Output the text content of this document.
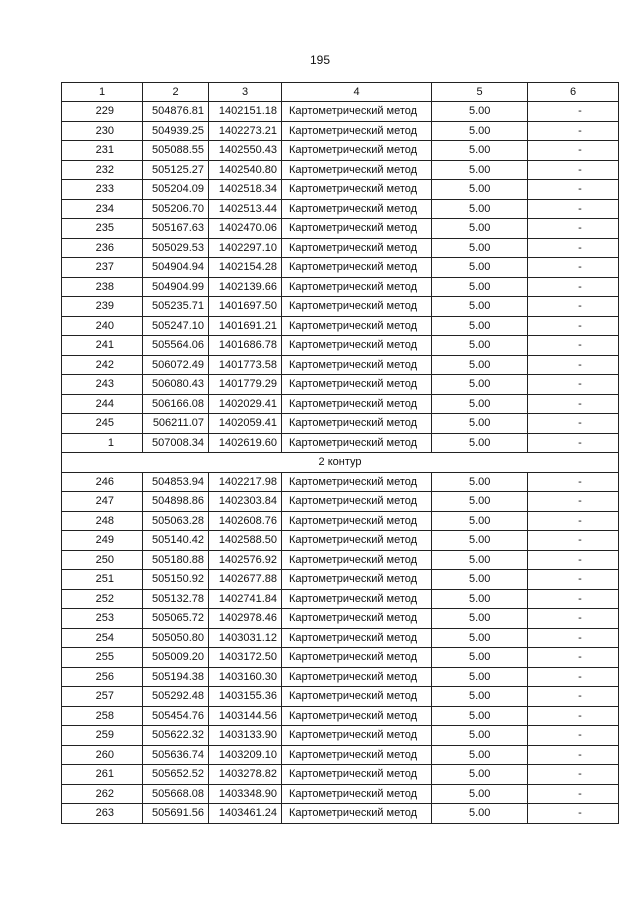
195
1	2	3	4	5	6
229	504876.81	1402151.18	Картометрический метод	5.00	-
230	504939.25	1402273.21	Картометрический метод	5.00	-
231	505088.55	1402550.43	Картометрический метод	5.00	-
232	505125.27	1402540.80	Картометрический метод	5.00	-
233	505204.09	1402518.34	Картометрический метод	5.00	-
234	505206.70	1402513.44	Картометрический метод	5.00	-
235	505167.63	1402470.06	Картометрический метод	5.00	-
236	505029.53	1402297.10	Картометрический метод	5.00	-
237	504904.94	1402154.28	Картометрический метод	5.00	-
238	504904.99	1402139.66	Картометрический метод	5.00	-
239	505235.71	1401697.50	Картометрический метод	5.00	-
240	505247.10	1401691.21	Картометрический метод	5.00	-
241	505564.06	1401686.78	Картометрический метод	5.00	-
242	506072.49	1401773.58	Картометрический метод	5.00	-
243	506080.43	1401779.29	Картометрический метод	5.00	-
244	506166.08	1402029.41	Картометрический метод	5.00	-
245	506211.07	1402059.41	Картометрический метод	5.00	-
1	507008.34	1402619.60	Картометрический метод	5.00	-
2 контур					
246	504853.94	1402217.98	Картометрический метод	5.00	-
247	504898.86	1402303.84	Картометрический метод	5.00	-
248	505063.28	1402608.76	Картометрический метод	5.00	-
249	505140.42	1402588.50	Картометрический метод	5.00	-
250	505180.88	1402576.92	Картометрический метод	5.00	-
251	505150.92	1402677.88	Картометрический метод	5.00	-
252	505132.78	1402741.84	Картометрический метод	5.00	-
253	505065.72	1402978.46	Картометрический метод	5.00	-
254	505050.80	1403031.12	Картометрический метод	5.00	-
255	505009.20	1403172.50	Картометрический метод	5.00	-
256	505194.38	1403160.30	Картометрический метод	5.00	-
257	505292.48	1403155.36	Картометрический метод	5.00	-
258	505454.76	1403144.56	Картометрический метод	5.00	-
259	505622.32	1403133.90	Картометрический метод	5.00	-
260	505636.74	1403209.10	Картометрический метод	5.00	-
261	505652.52	1403278.82	Картометрический метод	5.00	-
262	505668.08	1403348.90	Картометрический метод	5.00	-
263	505691.56	1403461.24	Картометрический метод	5.00	-
